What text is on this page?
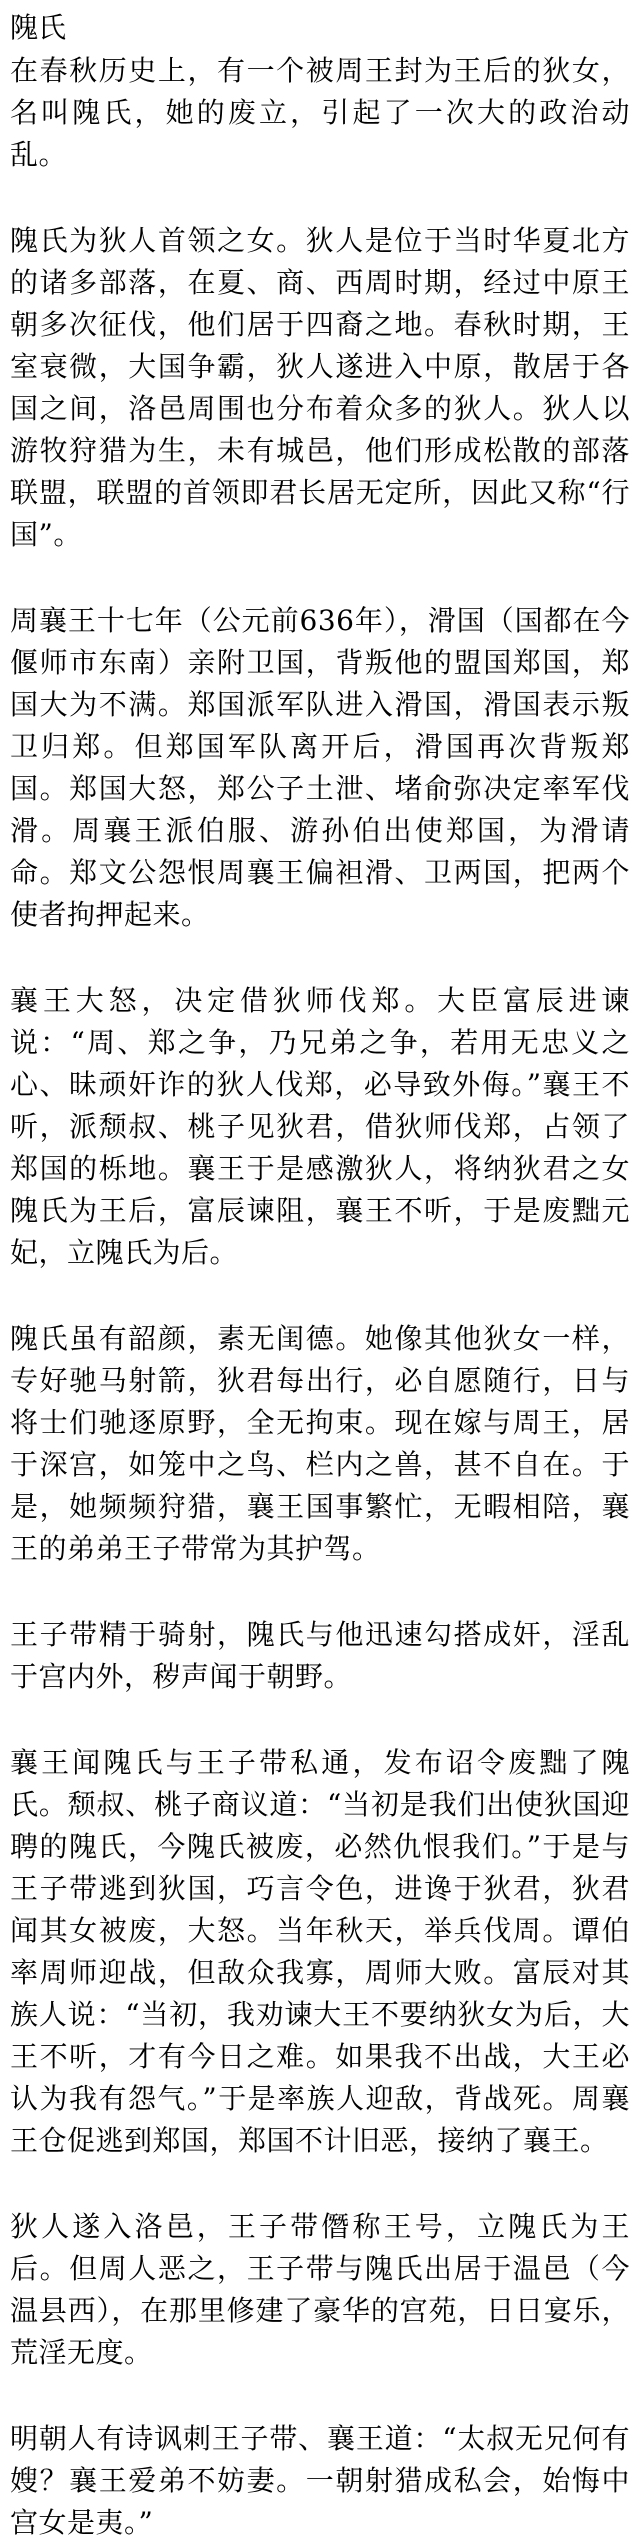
隗氏

在春秋历史上，有一个被周王封为王后的狄女，名叫隗氏，她的废立，引起了一次大的政治动乱。

隗氏为狄人首领之女。狄人是位于当时华夏北方的诸多部落，在夏、商、西周时期，经过中原王朝多次征伐，他们居于四裔之地。春秋时期，王室衰微，大国争霸，狄人遂进入中原，散居于各国之间，洛邑周围也分布着众多的狄人。狄人以游牧狩猎为生，未有城邑，他们形成松散的部落联盟，联盟的首领即君长居无定所，因此又称“行国”。

周襄王十七年（公元前636年），滑国（国都在今偃师市东南）亲附卫国，背叛他的盟国郑国，郑国大为不满。郑国派军队进入滑国，滑国表示叛卫归郑。但郑国军队离开后，滑国再次背叛郑国。郑国大怒，郑公子土泄、堵俞弥决定率军伐滑。周襄王派伯服、游孙伯出使郑国，为滑请命。郑文公怨恨周襄王偏袒滑、卫两国，把两个使者拘押起来。

襄王大怒，决定借狄师伐郑。大臣富辰进谏说：“周、郑之争，乃兄弟之争，若用无忠义之心、昧顽奸诈的狄人伐郑，必导致外侮。”襄王不听，派颓叔、桃子见狄君，借狄师伐郑，占领了郑国的栎地。襄王于是感激狄人，将纳狄君之女隗氏为王后，富辰谏阻，襄王不听，于是废黜元妃，立隗氏为后。

隗氏虽有韶颜，素无闺德。她像其他狄女一样，专好驰马射箭，狄君每出行，必自愿随行，日与将士们驰逐原野，全无拘束。现在嫁与周王，居于深宫，如笼中之鸟、栏内之兽，甚不自在。于是，她频频狩猎，襄王国事繁忙，无暇相陪，襄王的弟弟王子带常为其护驾。

王子带精于骑射，隗氏与他迅速勾搭成奸，淫乱于宫内外，秽声闻于朝野。

襄王闻隗氏与王子带私通，发布诏令废黜了隗氏。颓叔、桃子商议道：“当初是我们出使狄国迎聘的隗氏，今隗氏被废，必然仇恨我们。”于是与王子带逃到狄国，巧言令色，进谗于狄君，狄君闻其女被废，大怒。当年秋天，举兵伐周。谭伯率周师迎战，但敌众我寡，周师大败。富辰对其族人说：“当初，我劝谏大王不要纳狄女为后，大王不听，才有今日之难。如果我不出战，大王必认为我有怨气。”于是率族人迎敌，背战死。周襄王仓促逃到郑国，郑国不计旧恶，接纳了襄王。

狄人遂入洛邑，王子带僭称王号，立隗氏为王后。但周人恶之，王子带与隗氏出居于温邑（今温县西），在那里修建了豪华的宫苑，日日宴乐，荒淫无度。

明朝人有诗讽刺王子带、襄王道：“太叔无兄何有嫂？襄王爱弟不妨妻。一朝射猎成私会，始悔中宫女是夷。”
